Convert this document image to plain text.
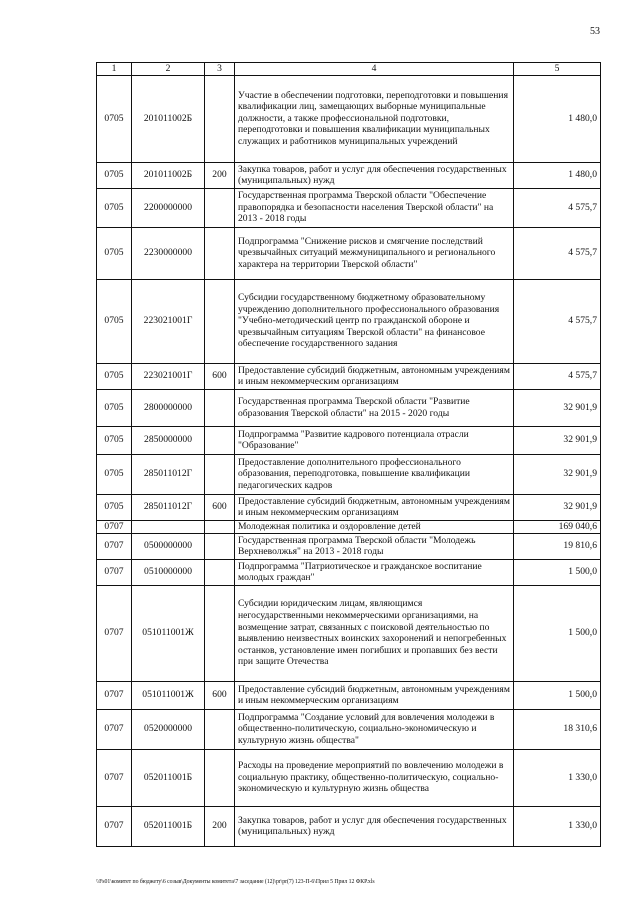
53
1	2	3	4	5
0705	201011002Б		Участие в обеспечении подготовки, переподготовки и повышения квалификации лиц, замещающих выборные муниципальные должности, а также профессиональной подготовки, переподготовки и повышения квалификации муниципальных служащих и работников муниципальных учреждений	1 480,0
0705	201011002Б	200	Закупка товаров, работ и услуг для обеспечения государственных (муниципальных) нужд	1 480,0
0705	2200000000		Государственная программа Тверской области "Обеспечение правопорядка и безопасности населения Тверской области" на 2013 - 2018 годы	4 575,7
0705	2230000000		Подпрограмма "Снижение рисков и смягчение последствий чрезвычайных ситуаций межмуниципального и регионального характера на территории Тверской области"	4 575,7
0705	223021001Г		Субсидии государственному бюджетному образовательному учреждению дополнительного профессионального образования "Учебно-методический центр по гражданской обороне и чрезвычайным ситуациям Тверской области" на финансовое обеспечение государственного задания	4 575,7
0705	223021001Г	600	Предоставление субсидий бюджетным, автономным учреждениям и иным некоммерческим организациям	4 575,7
0705	2800000000		Государственная программа Тверской области "Развитие образования Тверской области" на 2015 - 2020 годы	32 901,9
0705	2850000000		Подпрограмма "Развитие кадрового потенциала отрасли "Образование"	32 901,9
0705	285011012Г		Предоставление дополнительного профессионального образования, переподготовка, повышение квалификации педагогических кадров	32 901,9
0705	285011012Г	600	Предоставление субсидий бюджетным, автономным учреждениям и иным некоммерческим организациям	32 901,9
0707			Молодежная политика и оздоровление детей	169 040,6
0707	0500000000		Государственная программа Тверской области "Молодежь Верхневолжья" на 2013 - 2018 годы	19 810,6
0707	0510000000		Подпрограмма "Патриотическое и гражданское воспитание молодых граждан"	1 500,0
0707	051011001Ж		Субсидии юридическим лицам, являющимся негосударственными некоммерческими организациями, на возмещение затрат, связанных с поисковой деятельностью по выявлению неизвестных воинских захоронений и непогребенных останков, установление имен погибших и пропавших без вести при защите Отечества	1 500,0
0707	051011001Ж	600	Предоставление субсидий бюджетным, автономным учреждениям и иным некоммерческим организациям	1 500,0
0707	0520000000		Подпрограмма "Создание условий для вовлечения молодежи в общественно-политическую, социально-экономическую и культурную жизнь общества"	18 310,6
0707	052011001Б		Расходы на проведение мероприятий по вовлечению молодежи в социальную практику, общественно-политическую, социально-экономическую и культурную жизнь общества	1 330,0
0707	052011001Б	200	Закупка товаров, работ и услуг для обеспечения государственных (муниципальных) нужд	1 330,0
\\Fs01\комитет по бюджету\6 созыв\Документы комитета\7 заседание (12)\pr\pr(7) 123-П-6\Прил 5 Прил 12 ФКР.xls
